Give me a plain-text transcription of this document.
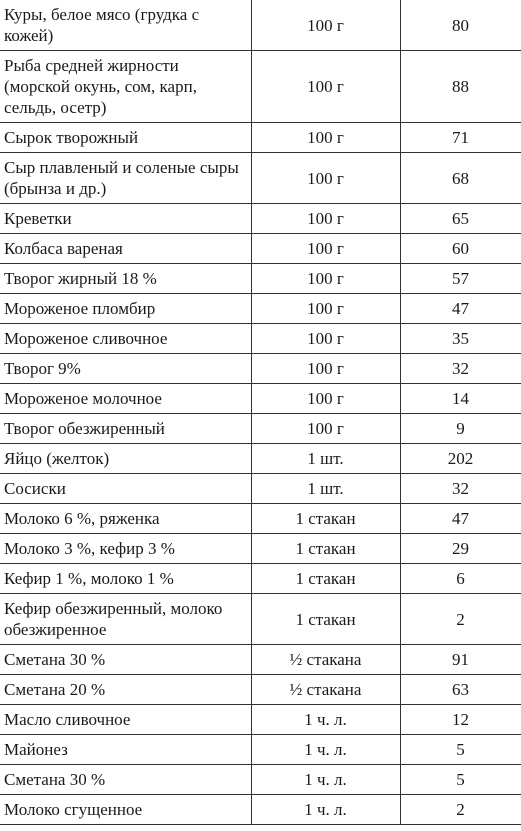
Куры, белое мясо (грудка с кожей)	100 г	80
Рыба средней жирности (морской окунь, сом, карп, сельдь, осетр)	100 г	88
Сырок творожный	100 г	71
Сыр плавленый и соленые сыры (брынза и др.)	100 г	68
Креветки	100 г	65
Колбаса вареная	100 г	60
Творог жирный 18 %	100 г	57
Мороженое пломбир	100 г	47
Мороженое сливочное	100 г	35
Творог 9%	100 г	32
Мороженое молочное	100 г	14
Творог обезжиренный	100 г	9
Яйцо (желток)	1 шт.	202
Сосиски	1 шт.	32
Молоко 6 %, ряженка	1 стакан	47
Молоко 3 %, кефир 3 %	1 стакан	29
Кефир 1 %, молоко 1 %	1 стакан	6
Кефир обезжиренный, молоко обезжиренное	1 стакан	2
Сметана 30 %	½ стакана	91
Сметана 20 %	½ стакана	63
Масло сливочное	1 ч. л.	12
Майонез	1 ч. л.	5
Сметана 30 %	1 ч. л.	5
Молоко сгущенное	1 ч. л.	2
